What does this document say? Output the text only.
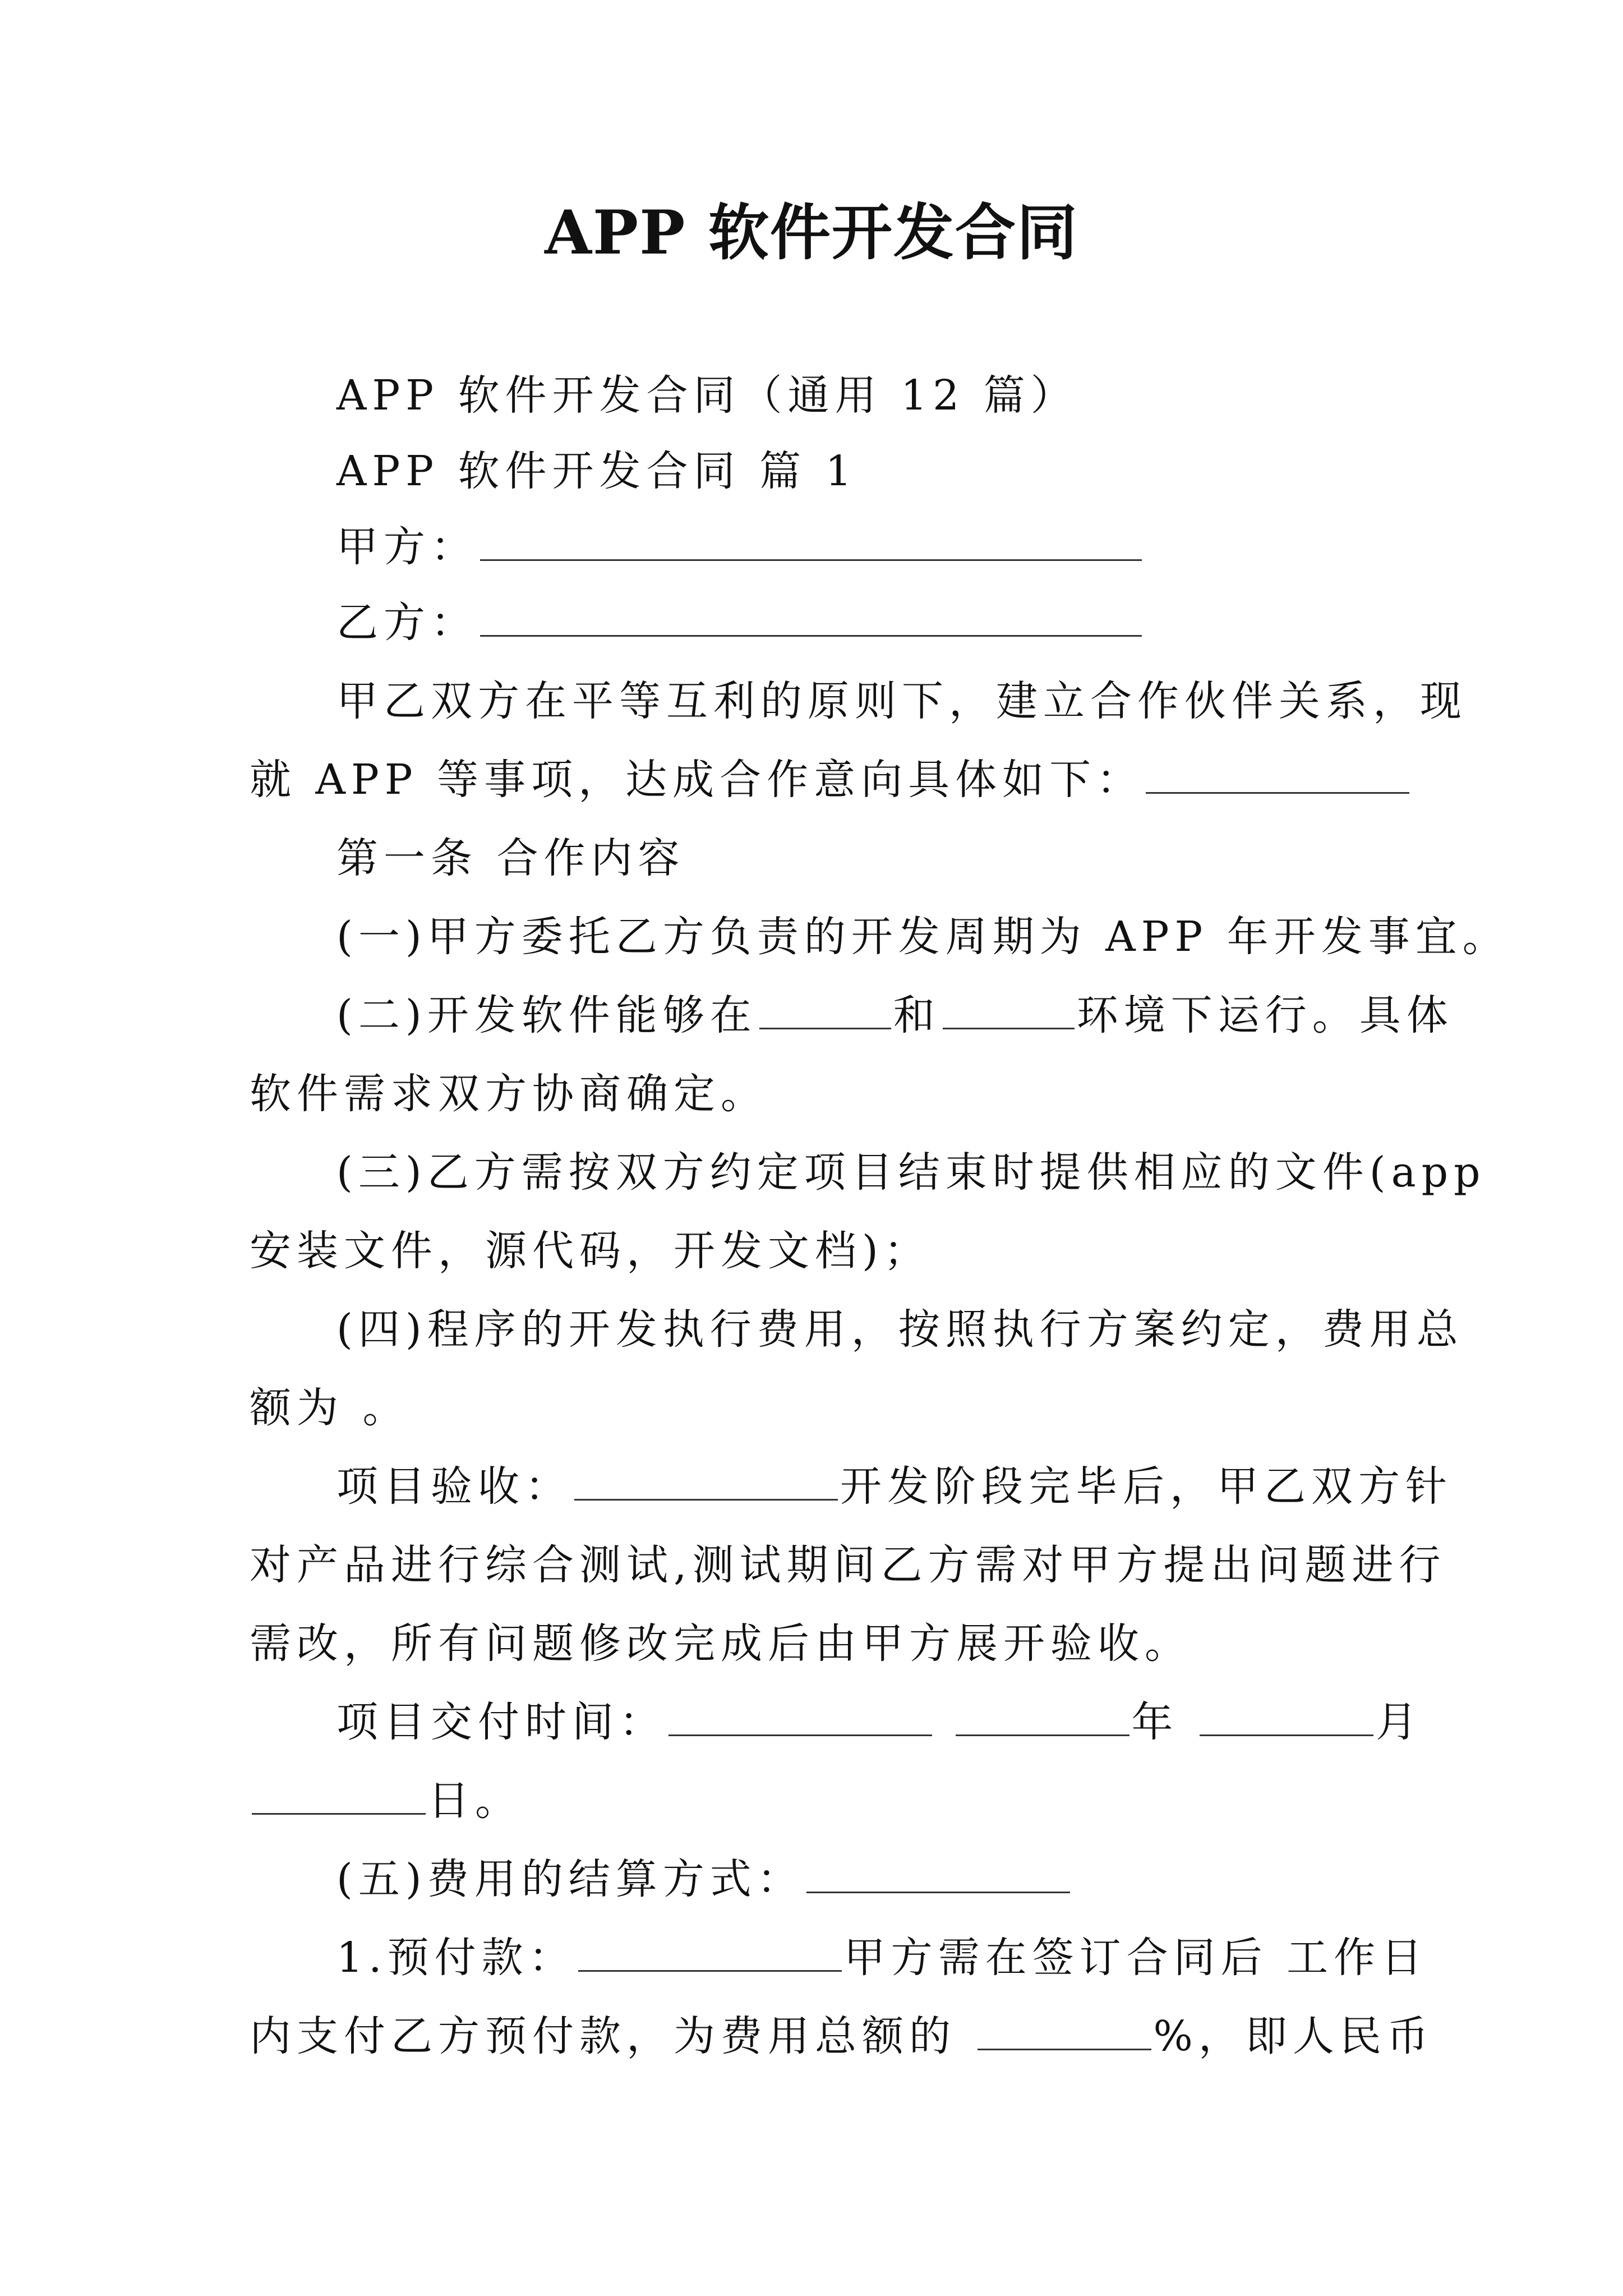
APP 软件开发合同
APP 软件开发合同（通用 12 篇）
APP 软件开发合同 篇 1
甲方：
乙方：
甲乙双方在平等互利的原则下，建立合作伙伴关系，现
就 APP 等事项，达成合作意向具体如下：
第一条 合作内容
(一)甲方委托乙方负责的开发周期为 APP 年开发事宜。
(二)开发软件能够在	和	环境下运行。具体
软件需求双方协商确定。
(三)乙方需按双方约定项目结束时提供相应的文件(app
安装文件，源代码，开发文档)；
(四)程序的开发执行费用，按照执行方案约定，费用总
额为 。
项目验收：	开发阶段完毕后，甲乙双方针
对产品进行综合测试,测试期间乙方需对甲方提出问题进行
需改，所有问题修改完成后由甲方展开验收。
项目交付时间：	年	月
日。
(五)费用的结算方式：
1.预付款：	甲方需在签订合同后 工作日
内支付乙方预付款，为费用总额的	%，即人民币
